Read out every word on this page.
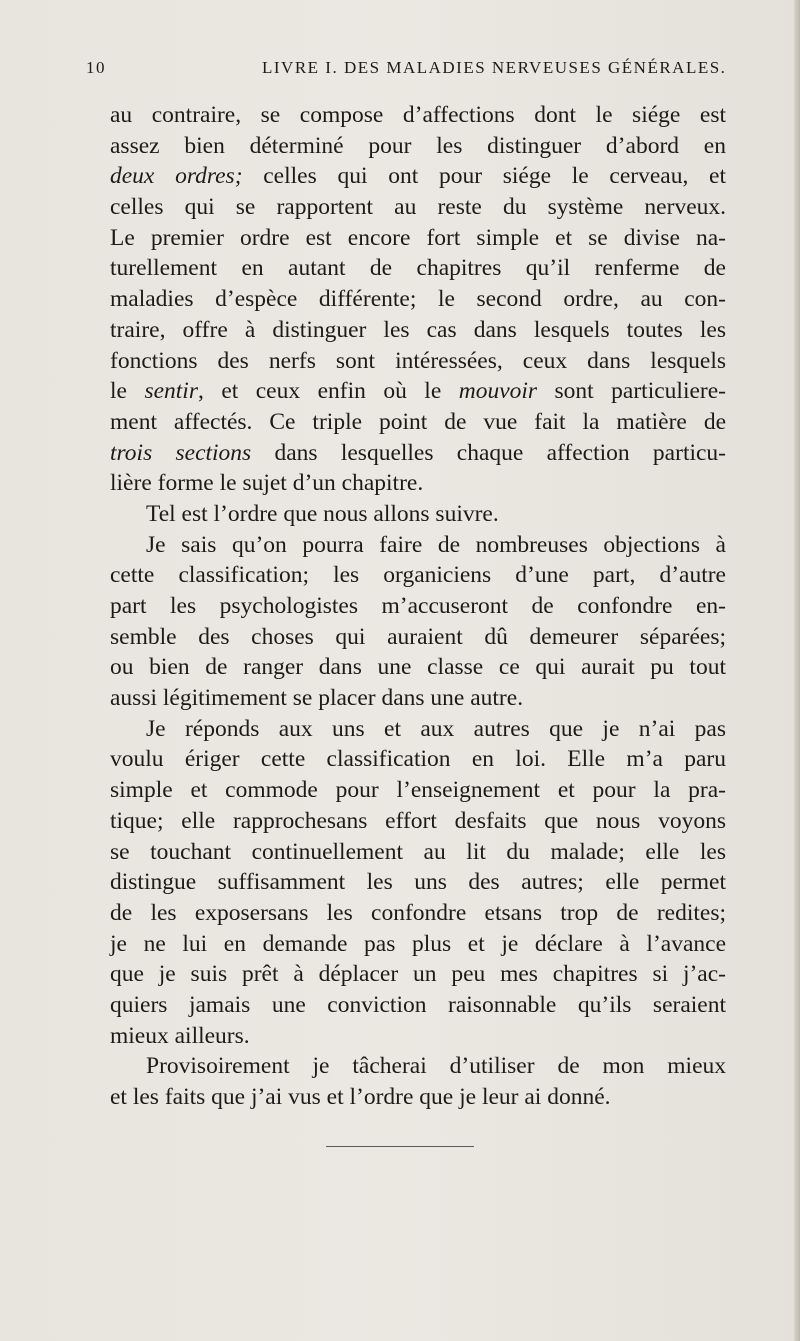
10	LIVRE I. DES MALADIES NERVEUSES GÉNÉRALES.
au contraire, se compose d’affections dont le siége est
assez bien déterminé pour les distinguer d’abord en
deux ordres; celles qui ont pour siége le cerveau, et
celles qui se rapportent au reste du système nerveux.
Le premier ordre est encore fort simple et se divise na-
turellement en autant de chapitres qu’il renferme de
maladies d’espèce différente; le second ordre, au con-
traire, offre à distinguer les cas dans lesquels toutes les
fonctions des nerfs sont intéressées, ceux dans lesquels
le sentir, et ceux enfin où le mouvoir sont particuliere-
ment affectés. Ce triple point de vue fait la matière de
trois sections dans lesquelles chaque affection particu-
lière forme le sujet d’un chapitre.
Tel est l’ordre que nous allons suivre.
Je sais qu’on pourra faire de nombreuses objections à
cette classification; les organiciens d’une part, d’autre
part les psychologistes m’accuseront de confondre en-
semble des choses qui auraient dû demeurer séparées;
ou bien de ranger dans une classe ce qui aurait pu tout
aussi légitimement se placer dans une autre.
Je réponds aux uns et aux autres que je n’ai pas
voulu ériger cette classification en loi. Elle m’a paru
simple et commode pour l’enseignement et pour la pra-
tique; elle rapprochesans effort desfaits que nous voyons
se touchant continuellement au lit du malade; elle les
distingue suffisamment les uns des autres; elle permet
de les exposersans les confondre etsans trop de redites;
je ne lui en demande pas plus et je déclare à l’avance
que je suis prêt à déplacer un peu mes chapitres si j’ac-
quiers jamais une conviction raisonnable qu’ils seraient
mieux ailleurs.
Provisoirement je tâcherai d’utiliser de mon mieux
et les faits que j’ai vus et l’ordre que je leur ai donné.
